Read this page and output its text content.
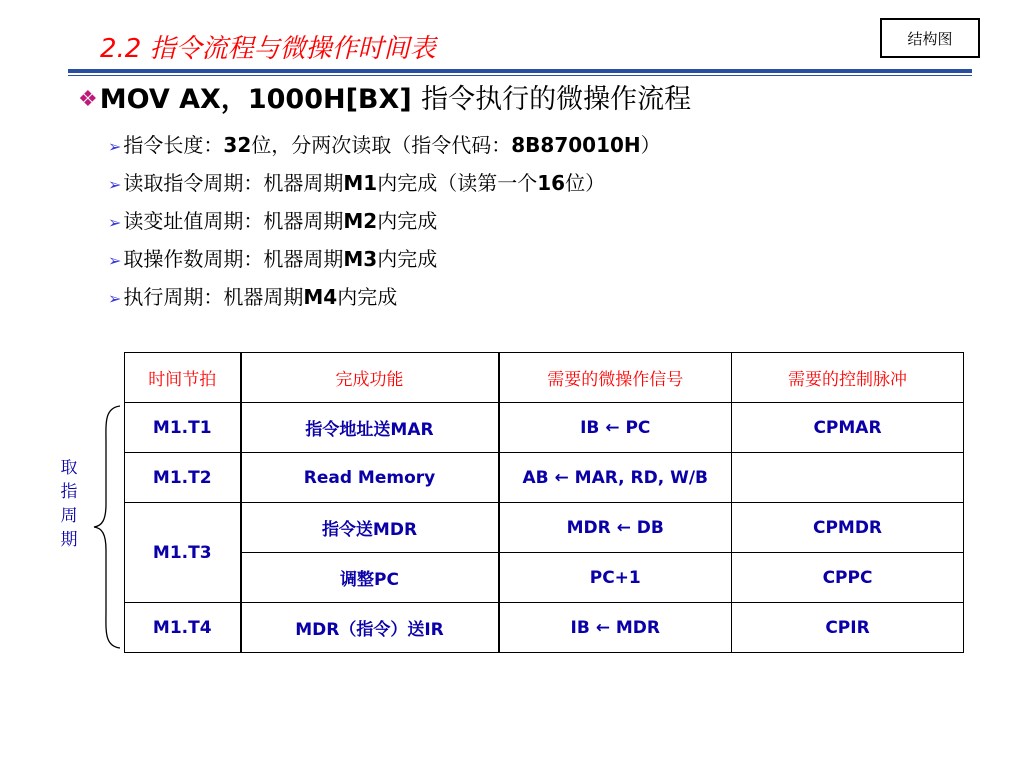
2.2 指令流程与微操作时间表	结构图
❖MOV AX，1000H[BX] 指令执行的微操作流程
➢ 指令长度：32位，分两次读取（指令代码：8B870010H）
➢ 读取指令周期：机器周期M1内完成（读第一个16位）
➢ 读变址值周期：机器周期M2内完成
➢ 取操作数周期：机器周期M3内完成
➢ 执行周期：机器周期M4内完成
取
指
周
期
时间节拍	完成功能	需要的微操作信号	需要的控制脉冲
M1.T1	指令地址送MAR	IB ← PC	CPMAR
M1.T2	Read Memory	AB ← MAR, RD, W/B	
M1.T3	指令送MDR	MDR ← DB	CPMDR
	调整PC	PC+1	CPPC
M1.T4	MDR（指令）送IR	IB ← MDR	CPIR
